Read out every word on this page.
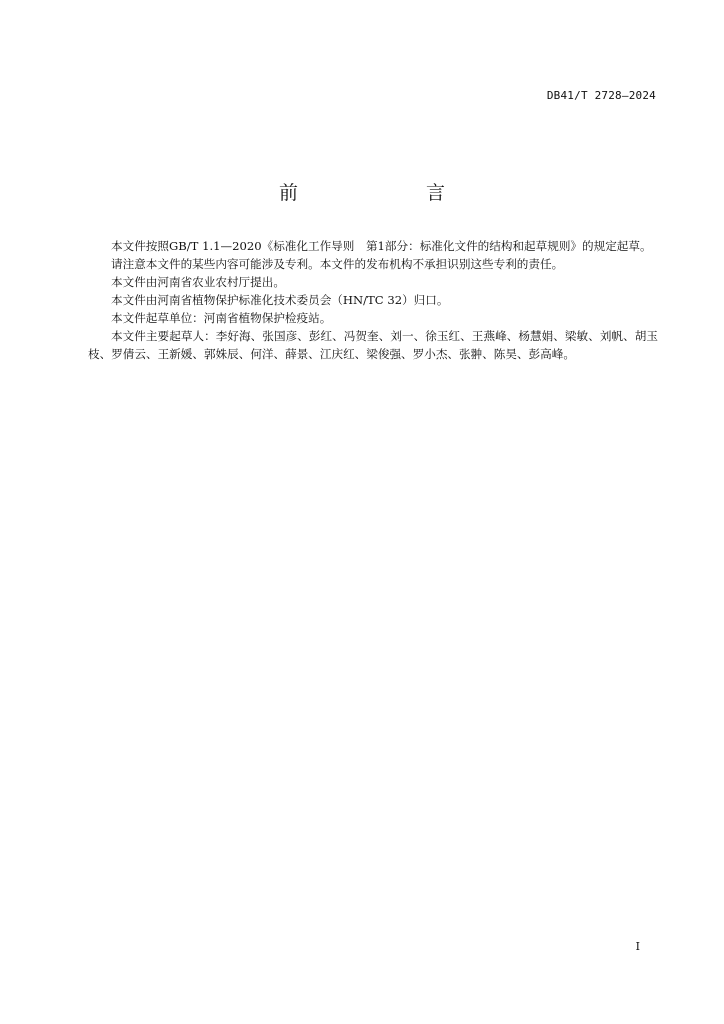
DB41/T 2728—2024
前　　言

本文件按照GB/T 1.1—2020《标准化工作导则　第1部分：标准化文件的结构和起草规则》的规定起草。

请注意本文件的某些内容可能涉及专利。本文件的发布机构不承担识别这些专利的责任。

本文件由河南省农业农村厅提出。

本文件由河南省植物保护标准化技术委员会（HN/TC 32）归口。

本文件起草单位：河南省植物保护检疫站。

本文件主要起草人：李好海、张国彦、彭红、冯贺奎、刘一、徐玉红、王燕峰、杨慧娟、梁敏、刘帆、胡玉枝、罗倩云、王新媛、郭姝辰、何洋、薛景、江庆红、梁俊强、罗小杰、张翀、陈昊、彭高峰。

I
